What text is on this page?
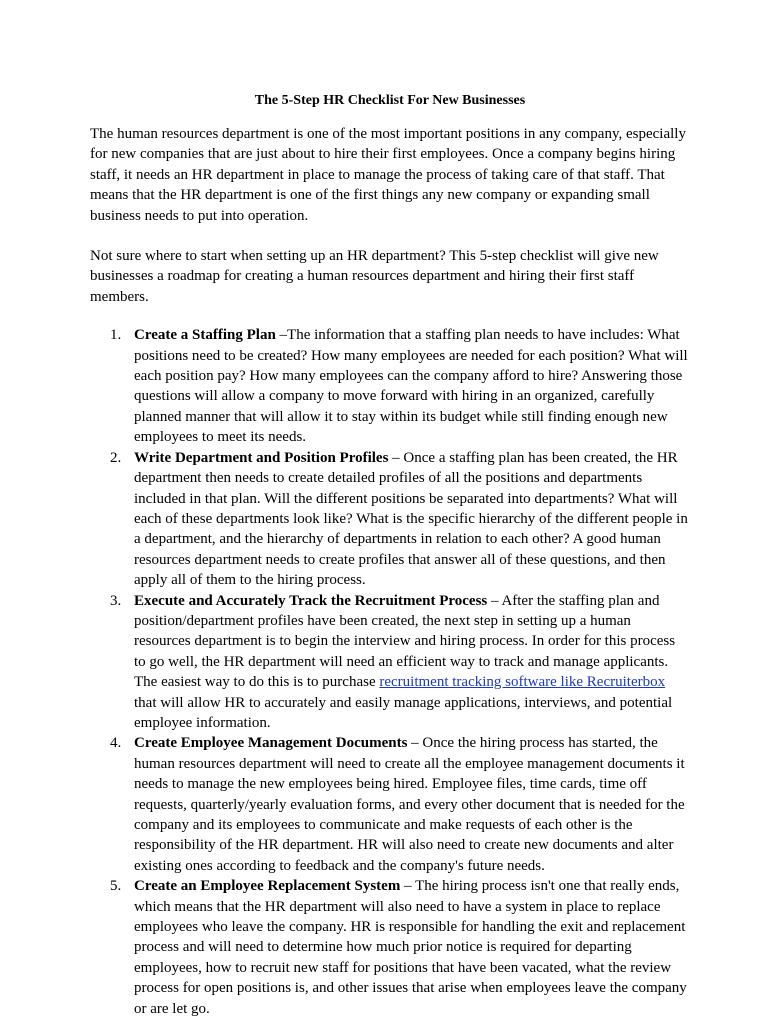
The 5-Step HR Checklist For New Businesses

The human resources department is one of the most important positions in any company, especially for new companies that are just about to hire their first employees. Once a company begins hiring staff, it needs an HR department in place to manage the process of taking care of that staff. That means that the HR department is one of the first things any new company or expanding small business needs to put into operation.

Not sure where to start when setting up an HR department? This 5-step checklist will give new businesses a roadmap for creating a human resources department and hiring their first staff members.

1. Create a Staffing Plan –The information that a staffing plan needs to have includes: What positions need to be created? How many employees are needed for each position? What will each position pay? How many employees can the company afford to hire? Answering those questions will allow a company to move forward with hiring in an organized, carefully planned manner that will allow it to stay within its budget while still finding enough new employees to meet its needs.
2. Write Department and Position Profiles – Once a staffing plan has been created, the HR department then needs to create detailed profiles of all the positions and departments included in that plan. Will the different positions be separated into departments? What will each of these departments look like? What is the specific hierarchy of the different people in a department, and the hierarchy of departments in relation to each other? A good human resources department needs to create profiles that answer all of these questions, and then apply all of them to the hiring process.
3. Execute and Accurately Track the Recruitment Process – After the staffing plan and position/department profiles have been created, the next step in setting up a human resources department is to begin the interview and hiring process. In order for this process to go well, the HR department will need an efficient way to track and manage applicants. The easiest way to do this is to purchase recruitment tracking software like Recruiterbox that will allow HR to accurately and easily manage applications, interviews, and potential employee information.
4. Create Employee Management Documents – Once the hiring process has started, the human resources department will need to create all the employee management documents it needs to manage the new employees being hired. Employee files, time cards, time off requests, quarterly/yearly evaluation forms, and every other document that is needed for the company and its employees to communicate and make requests of each other is the responsibility of the HR department. HR will also need to create new documents and alter existing ones according to feedback and the company's future needs.
5. Create an Employee Replacement System – The hiring process isn't one that really ends, which means that the HR department will also need to have a system in place to replace employees who leave the company. HR is responsible for handling the exit and replacement process and will need to determine how much prior notice is required for departing employees, how to recruit new staff for positions that have been vacated, what the review process for open positions is, and other issues that arise when employees leave the company or are let go.
